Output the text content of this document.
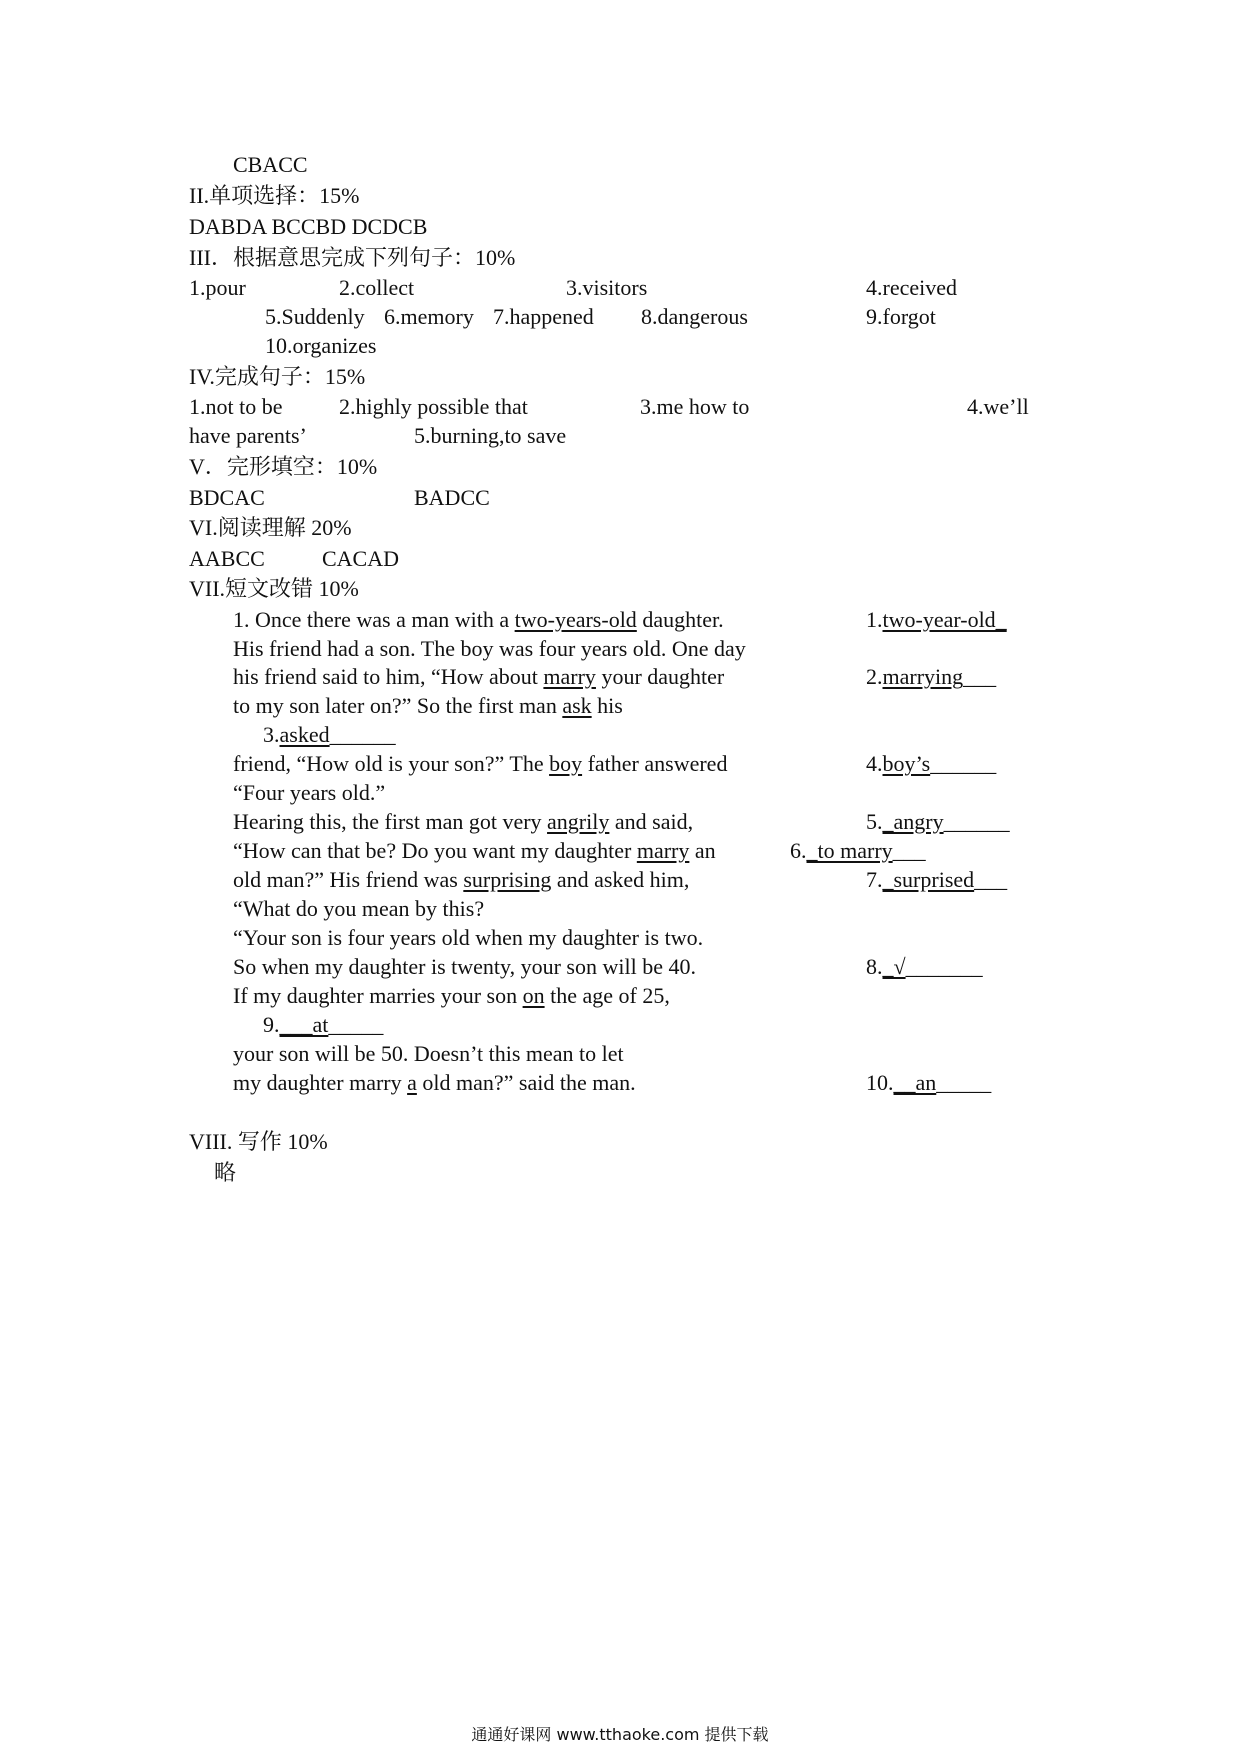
CBACC
II.单项选择：15%
DABDA BCCBD DCDCB
III．根据意思完成下列句子：10%
1.pour	2.collect	3.visitors	4.received
5.Suddenly 6.memory 7.happened 8.dangerous	9.forgot
10.organizes
IV.完成句子：15%
1.not to be	2.highly possible that	3.me how to	4.we’ll
have parents’	5.burning,to save
V．完形填空：10%
BDCAC	BADCC
VI.阅读理解 20%
AABCC	CACAD
VII.短文改错 10%
1. Once there was a man with a two-years-old daughter.	1.two-year-old_
His friend had a son. The boy was four years old. One day
his friend said to him, “How about marry your daughter	2.marrying___
to my son later on?” So the first man ask his
3.asked______
friend, “How old is your son?” The boy father answered	4.boy’s______
“Four years old.”
Hearing this, the first man got very angrily and said,	5._angry______
“How can that be? Do you want my daughter marry an	6._to marry___
old man?” His friend was surprising and asked him,	7._surprised___
“What do you mean by this?
“Your son is four years old when my daughter is two.
So when my daughter is twenty, your son will be 40.	8._√_______
If my daughter marries your son on the age of 25,
9.___at_____
your son will be 50. Doesn’t this mean to let
my daughter marry a old man?” said the man.	10.__an_____
VIII. 写作 10%
略
通通好课网 www.tthaoke.com 提供下载
